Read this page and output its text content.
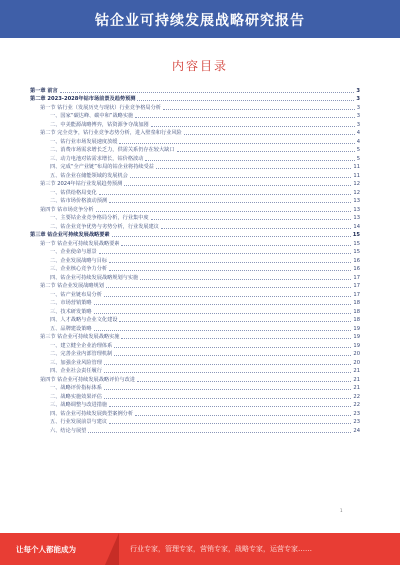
钴企业可持续发展战略研究报告
内容目录
第一章 前言	3
第二章 2023-2028年钴市场前景及趋势预测	3
第一节 钴行业（发展历史与现状）行业竞争格局分析	3
一、国家“碳达峰、碳中和”战略实施	3
二、中美能源战略博弈，钴资源争夺战加剧	3
第二节 完全竞争，钴行业竞争态势分析，进入壁垒和行业风险	4
一、钴行业市场发展速度放缓	4
二、消费市场需求增长乏力，供需关系仍存在较大缺口	5
三、动力电池对钴需求增长，钴价格波动	5
四、完成“全产业链”布局的钴企业将持续受益	11
五、钴企业在储能领域的发展机会	11
第三节 2024年钴行业发展趋势预测	12
一、钴供给格局变化	12
二、钴市场价格波动预测	13
第四节 钴市场竞争分析	13
一、主要钴企业竞争格局分析，行业集中度	13
二、钴企业竞争优势与劣势分析，行业发展建议	14
第三章 钴企业可持续发展战略要素	15
第一节 钴企业可持续发展战略要素	15
一、企业使命与愿景	15
二、企业发展战略与目标	16
三、企业核心竞争力分析	16
四、钴企业可持续发展战略规划与实施	17
第二节 钴企业发展战略规划	17
一、钴产业链布局分析	17
二、市场营销策略	18
三、技术研发策略	18
四、人才战略与企业文化建设	18
五、品牌建设策略	19
第三节 钴企业可持续发展战略实施	19
一、建立健全企业治理体系	19
二、完善企业内部管理机制	20
三、加强企业风险管理	20
四、企业社会责任履行	21
第四节 钴企业可持续发展战略评价与改进	21
一、战略评价指标体系	21
二、战略实施效果评估	22
三、战略调整与改进措施	22
四、钴企业可持续发展典型案例分析	23
五、行业发展前景与建议	23
六、结论与展望	24
1
让每个人都能成为	行业专家，管理专家，营销专家，战略专家，运营专家……
